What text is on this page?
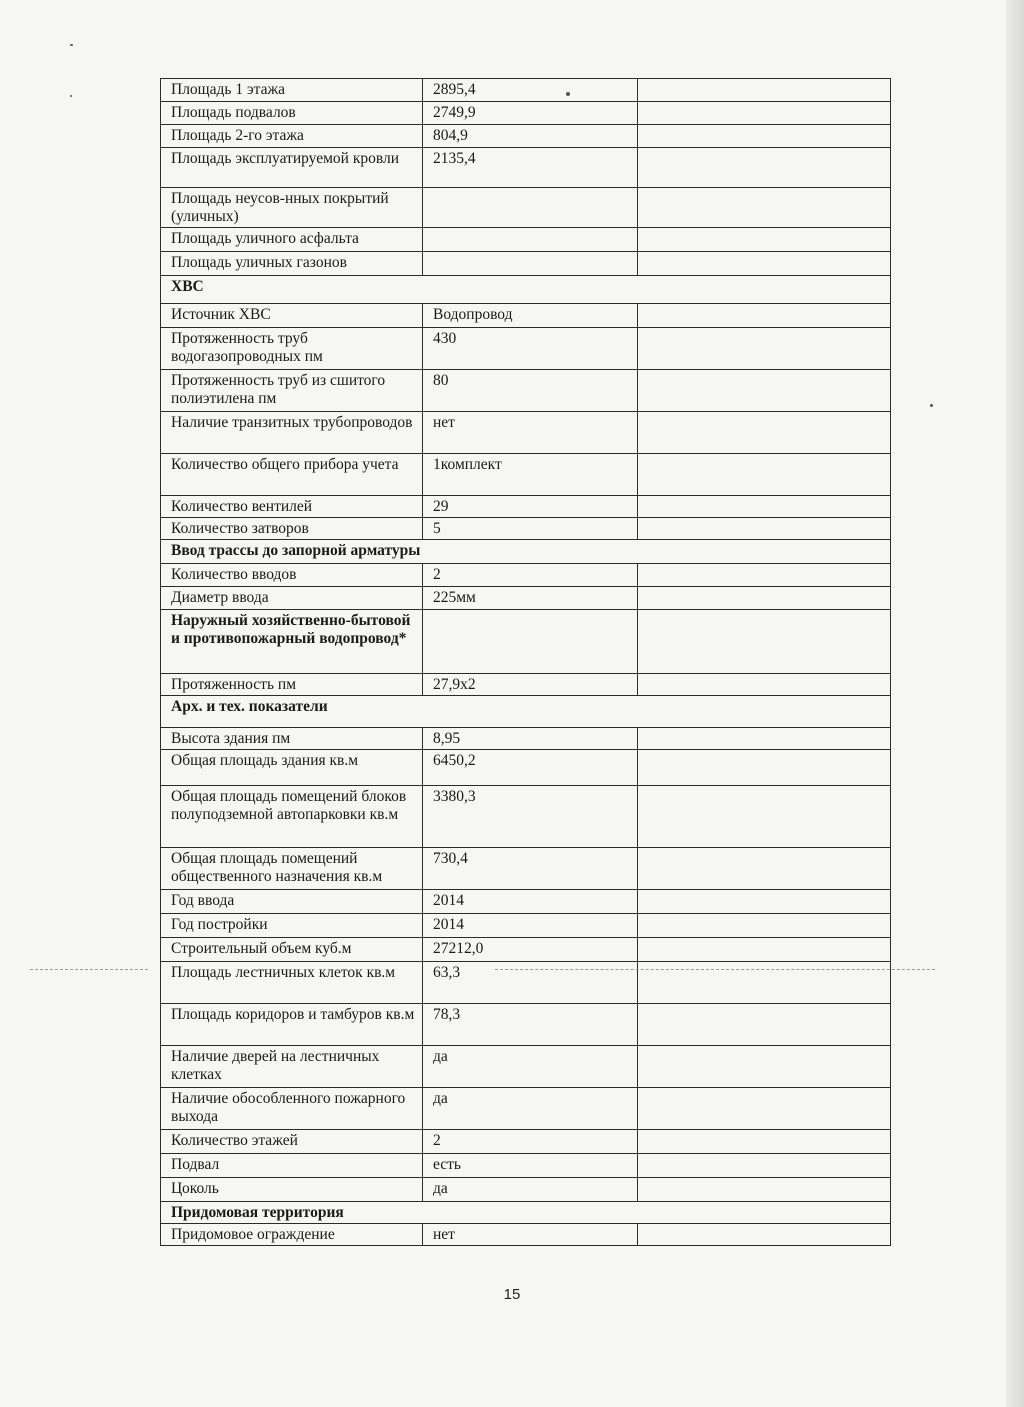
Площадь 1 этажа	2895,4	
Площадь подвалов	2749,9	
Площадь 2-го этажа	804,9	
Площадь эксплуатируемой кровли	2135,4	
Площадь неусов-нных покрытий (уличных)		
Площадь уличного асфальта		
Площадь уличных газонов		
ХВС		
Источник ХВС	Водопровод	
Протяженность труб водогазопроводных пм	430	
Протяженность труб из сшитого полиэтилена пм	80	
Наличие транзитных трубопроводов	нет	
Количество общего прибора учета	1комплект	
Количество вентилей	29	
Количество затворов	5	
Ввод трассы до запорной арматуры		
Количество вводов	2	
Диаметр ввода	225мм	
Наружный хозяйственно-бытовой и противопожарный водопровод*		
Протяженность пм	27,9х2	
Арх. и тех. показатели		
Высота здания пм	8,95	
Общая площадь здания кв.м	6450,2	
Общая площадь помещений блоков полуподземной автопарковки кв.м	3380,3	
Общая площадь помещений общественного назначения кв.м	730,4	
Год ввода	2014	
Год постройки	2014	
Строительный объем куб.м	27212,0	
Площадь лестничных клеток кв.м	63,3	
Площадь коридоров и тамбуров кв.м	78,3	
Наличие дверей на лестничных клетках	да	
Наличие обособленного пожарного выхода	да	
Количество этажей	2	
Подвал	есть	
Цоколь	да	
Придомовая территория		
Придомовое ограждение	нет	
15
